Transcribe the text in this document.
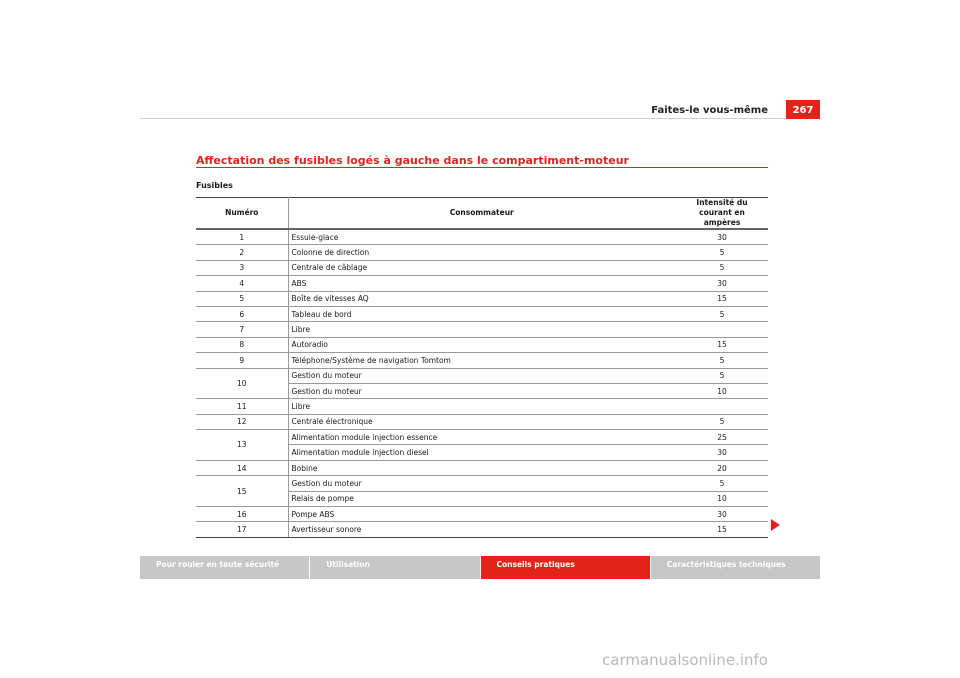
Faites-le vous-même	267
Affectation des fusibles logés à gauche dans le compartiment-moteur
Fusibles
Numéro	Consommateur	Intensité du courant en ampères
1	Essuie-glace	30
2	Colonne de direction	5
3	Centrale de câblage	5
4	ABS	30
5	Boîte de vitesses AQ	15
6	Tableau de bord	5
7	Libre	
8	Autoradio	15
9	Téléphone/Système de navigation Tomtom	5
10	Gestion du moteur	5
	Gestion du moteur	10
11	Libre	
12	Centrale électronique	5
13	Alimentation module injection essence	25
	Alimentation module injection diesel	30
14	Bobine	20
15	Gestion du moteur	5
	Relais de pompe	10
16	Pompe ABS	30
17	Avertisseur sonore	15
Pour rouler en toute sécurité	Utilisation	Conseils pratiques	Caractéristiques techniques
carmanualsonline.info
